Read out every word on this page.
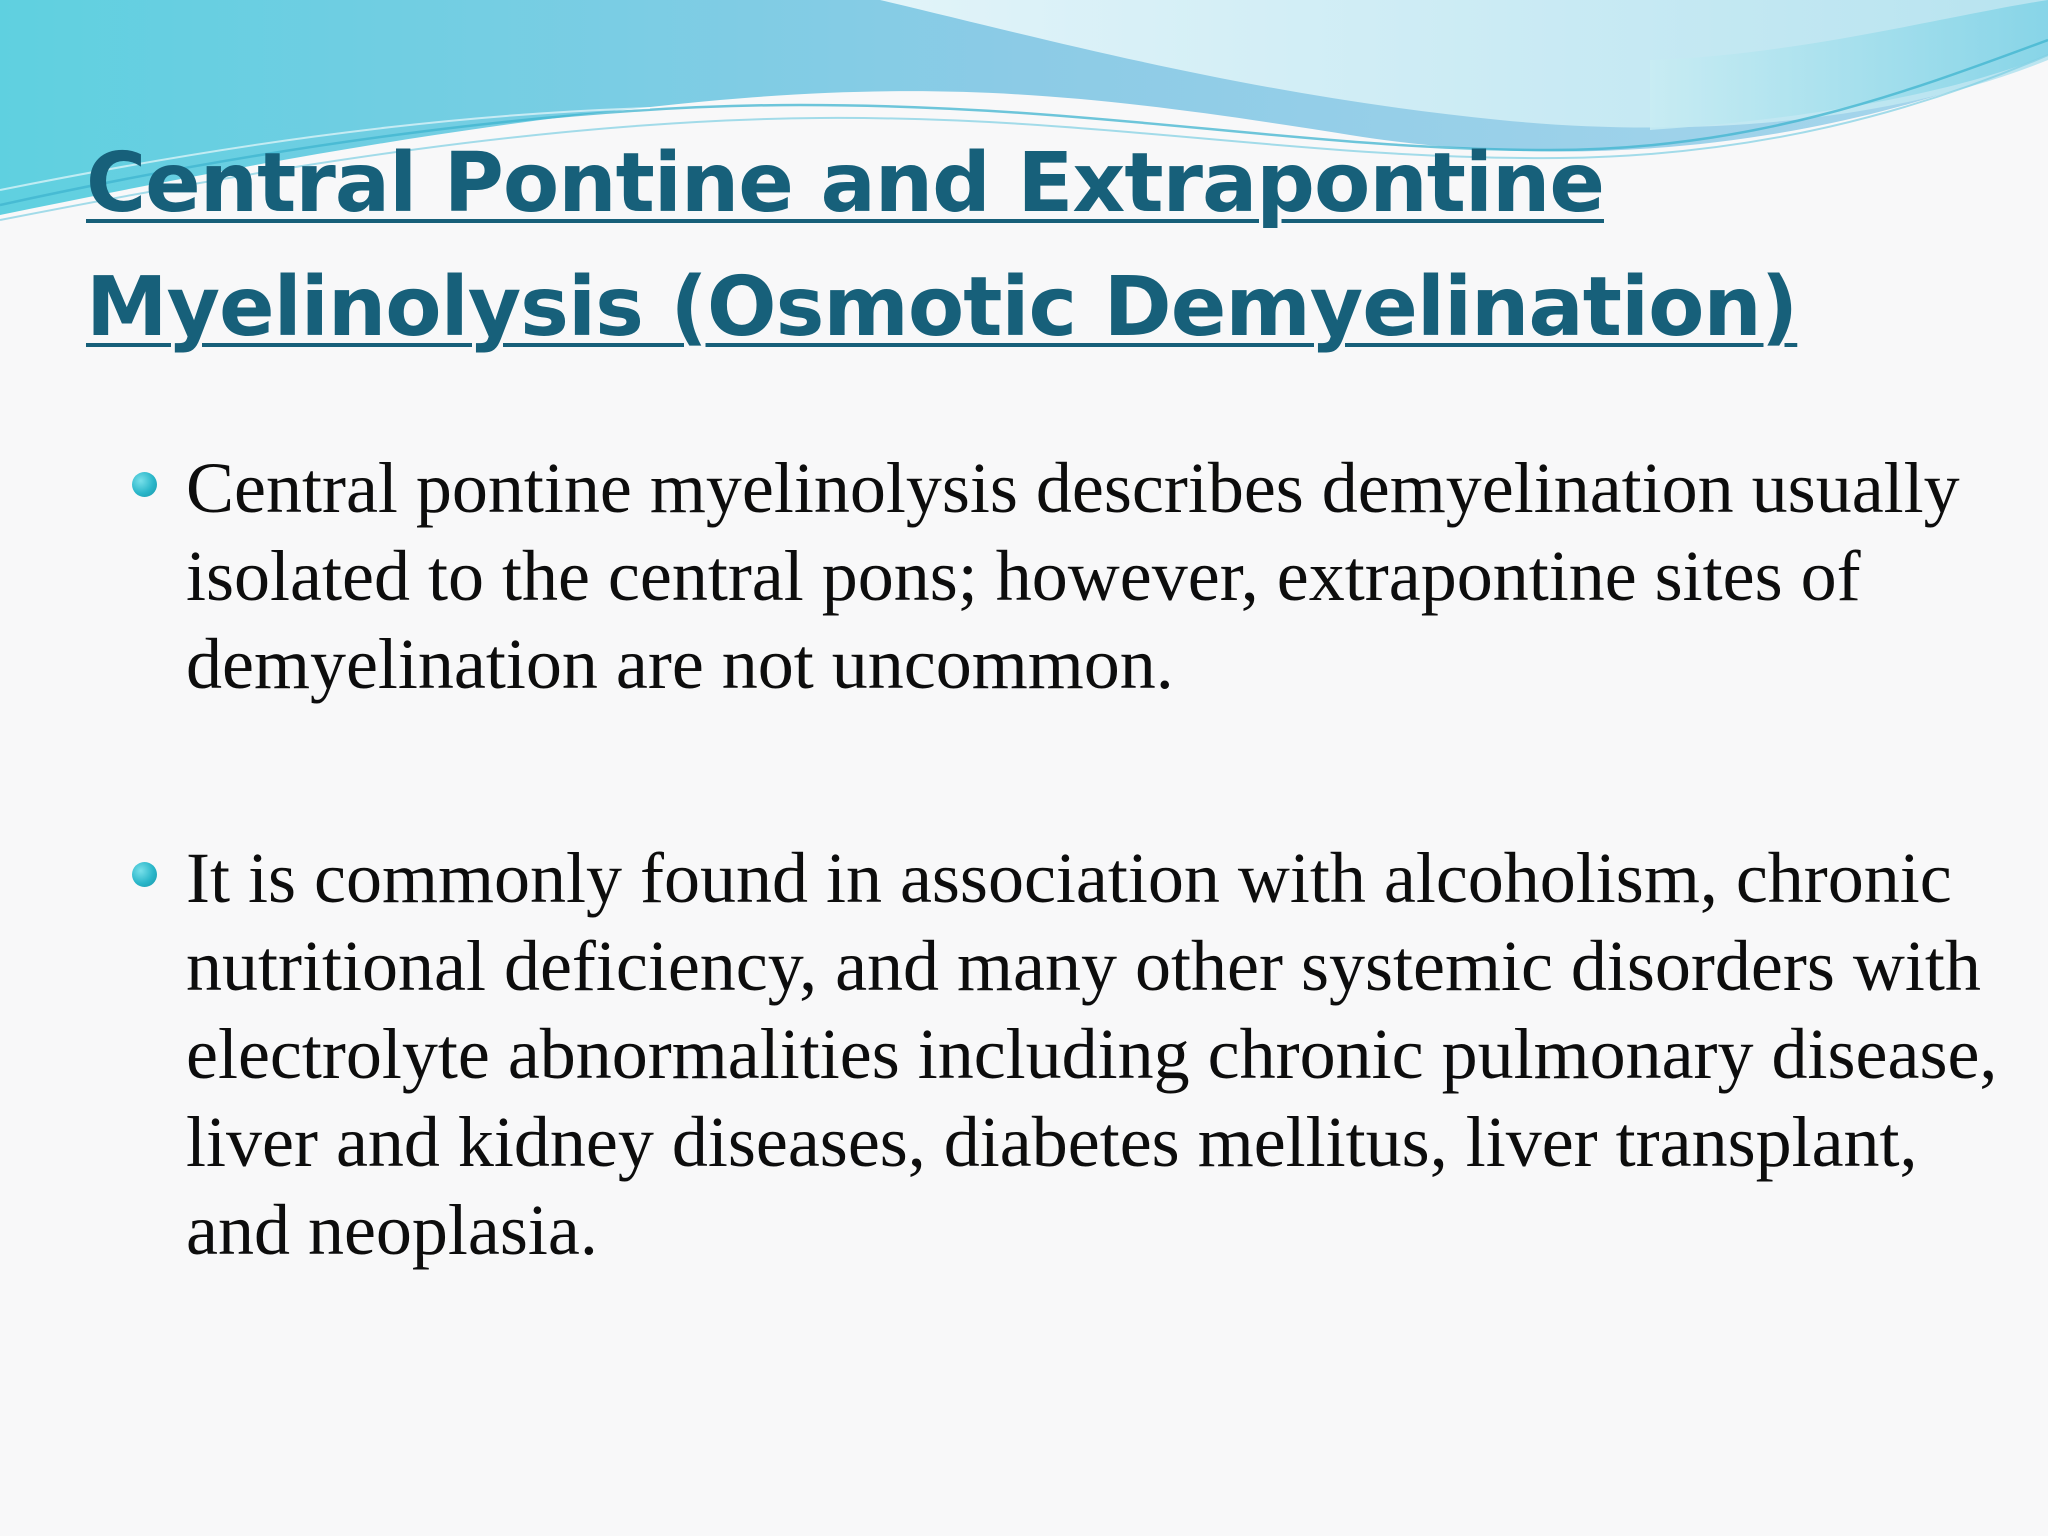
Central Pontine and Extrapontine
Myelinolysis (Osmotic Demyelination)
Central pontine myelinolysis describes demyelination usually isolated to the central pons; however, extrapontine sites of demyelination are not uncommon.
It is commonly found in association with alcoholism, chronic nutritional deficiency, and many other systemic disorders with electrolyte abnormalities including chronic pulmonary disease, liver and kidney diseases, diabetes mellitus, liver transplant, and neoplasia.
